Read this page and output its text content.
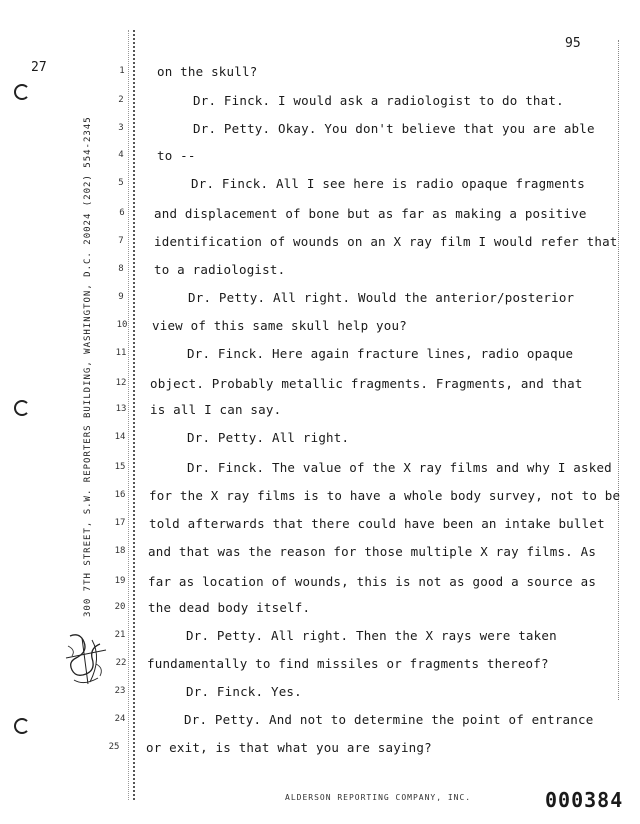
95
27
300 7TH STREET, S.W. REPORTERS BUILDING, WASHINGTON, D.C. 20024 (202) 554-2345
1
2
3
4
5
6
7
8
9
10
11
12
13
14
15
16
17
18
19
20
21
22
23
24
25
on the skull?
Dr. Finck. I would ask a radiologist to do that.
Dr. Petty. Okay. You don't believe that you are able
to --
Dr. Finck. All I see here is radio opaque fragments
and displacement of bone but as far as making a positive
identification of wounds on an X ray film I would refer that
to a radiologist.
Dr. Petty. All right. Would the anterior/posterior
view of this same skull help you?
Dr. Finck. Here again fracture lines, radio opaque
object. Probably metallic fragments. Fragments, and that
is all I can say.
Dr. Petty. All right.
Dr. Finck. The value of the X ray films and why I asked
for the X ray films is to have a whole body survey, not to be
told afterwards that there could have been an intake bullet
and that was the reason for those multiple X ray films. As
far as location of wounds, this is not as good a source as
the dead body itself.
Dr. Petty. All right. Then the X rays were taken
fundamentally to find missiles or fragments thereof?
Dr. Finck. Yes.
Dr. Petty. And not to determine the point of entrance
or exit, is that what you are saying?
ALDERSON REPORTING COMPANY, INC.	000384
